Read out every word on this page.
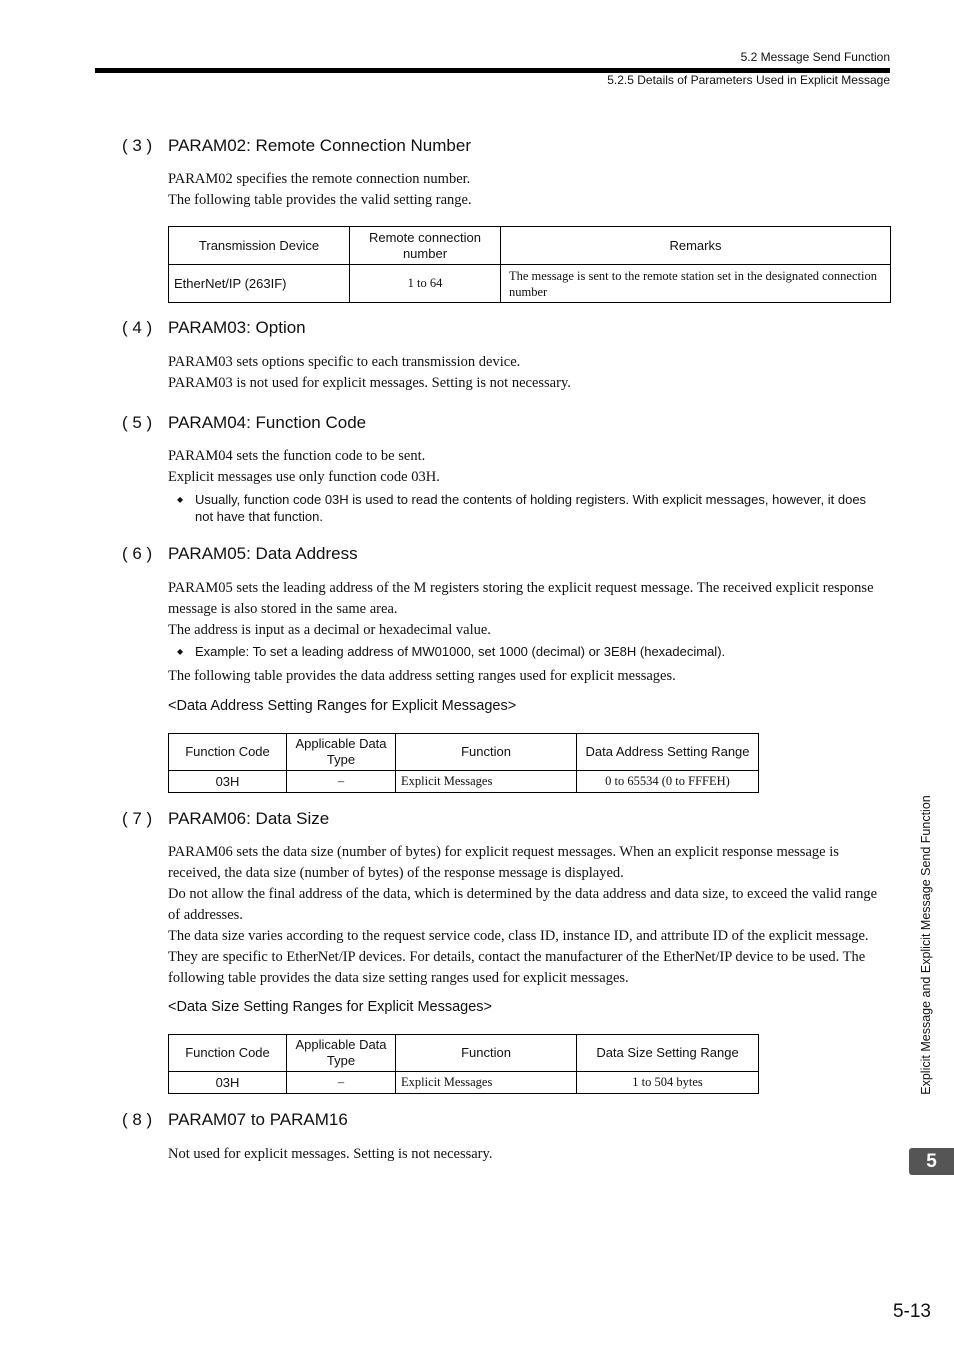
5.2 Message Send Function
5.2.5 Details of Parameters Used in Explicit Message
( 3 ) PARAM02: Remote Connection Number

PARAM02 specifies the remote connection number.

The following table provides the valid setting range.

Transmission Device	Remote connection number	Remarks
EtherNet/IP (263IF)	1 to 64	The message is sent to the remote station set in the designated connection number
( 4 ) PARAM03: Option

PARAM03 sets options specific to each transmission device.

PARAM03 is not used for explicit messages. Setting is not necessary.

( 5 ) PARAM04: Function Code

PARAM04 sets the function code to be sent.

Explicit messages use only function code 03H.

◆ Usually, function code 03H is used to read the contents of holding registers. With explicit messages, however, it does not have that function.
( 6 ) PARAM05: Data Address

PARAM05 sets the leading address of the M registers storing the explicit request message. The received explicit response message is also stored in the same area.

The address is input as a decimal or hexadecimal value.

◆ Example: To set a leading address of MW01000, set 1000 (decimal) or 3E8H (hexadecimal).

The following table provides the data address setting ranges used for explicit messages.

<Data Address Setting Ranges for Explicit Messages>
Function Code	Applicable Data Type	Function	Data Address Setting Range
03H	–	Explicit Messages	0 to 65534 (0 to FFFEH)
( 7 ) PARAM06: Data Size

PARAM06 sets the data size (number of bytes) for explicit request messages. When an explicit response message is received, the data size (number of bytes) of the response message is displayed.

Do not allow the final address of the data, which is determined by the data address and data size, to exceed the valid range of addresses.

The data size varies according to the request service code, class ID, instance ID, and attribute ID of the explicit message. They are specific to EtherNet/IP devices. For details, contact the manufacturer of the EtherNet/IP device to be used. The following table provides the data size setting ranges used for explicit messages.

<Data Size Setting Ranges for Explicit Messages>
Function Code	Applicable Data Type	Function	Data Size Setting Range
03H	–	Explicit Messages	1 to 504 bytes
( 8 ) PARAM07 to PARAM16

Not used for explicit messages. Setting is not necessary.

Explicit Message and Explicit Message Send Function
5
5-13
